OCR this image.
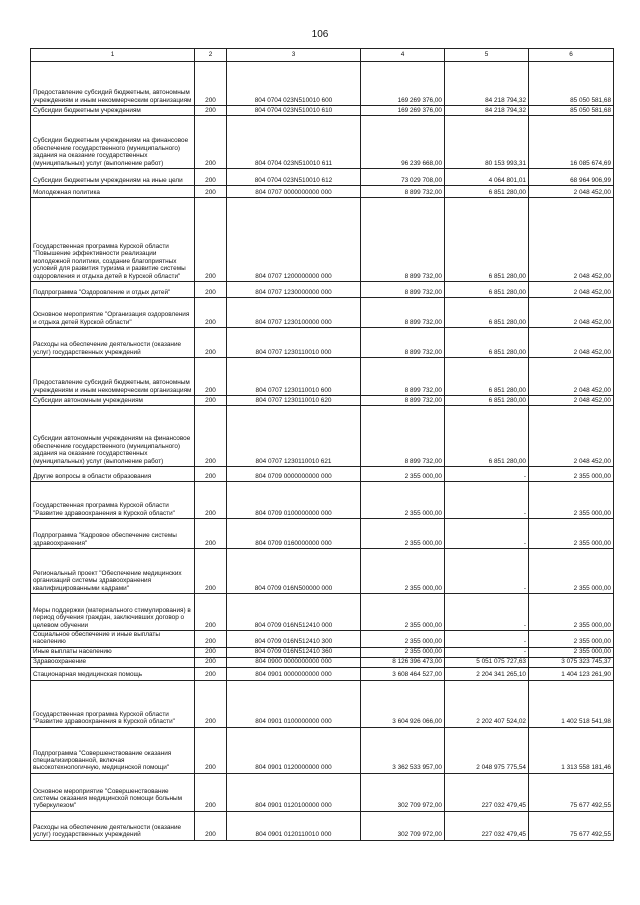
106
1	2	3	4	5	6
Предоставление субсидий бюджетным, автономным учреждениям и иным некоммерческим организациям	200	804 0704 023N510010 600	169 269 376,00	84 218 794,32	85 050 581,68
Субсидии бюджетным учреждениям	200	804 0704 023N510010 610	169 269 376,00	84 218 794,32	85 050 581,68
Субсидии бюджетным учреждениям на финансовое обеспечение государственного (муниципального) задания на оказание государственных (муниципальных) услуг (выполнение работ)	200	804 0704 023N510010 611	96 239 668,00	80 153 993,31	16 085 674,69
Субсидии бюджетным учреждениям на иные цели	200	804 0704 023N510010 612	73 029 708,00	4 064 801,01	68 964 906,99
Молодежная политика	200	804 0707 0000000000 000	8 899 732,00	6 851 280,00	2 048 452,00
Государственная программа Курской области "Повышение эффективности реализации молодежной политики, создание благоприятных условий для развития туризма и развитие системы оздоровления и отдыха детей в Курской области"	200	804 0707 1200000000 000	8 899 732,00	6 851 280,00	2 048 452,00
Подпрограмма "Оздоровление и отдых детей"	200	804 0707 1230000000 000	8 899 732,00	6 851 280,00	2 048 452,00
Основное мероприятие "Организация оздоровления и отдыха детей Курской области"	200	804 0707 1230100000 000	8 899 732,00	6 851 280,00	2 048 452,00
Расходы на обеспечение деятельности (оказание услуг) государственных учреждений	200	804 0707 1230110010 000	8 899 732,00	6 851 280,00	2 048 452,00
Предоставление субсидий бюджетным, автономным учреждениям и иным некоммерческим организациям	200	804 0707 1230110010 600	8 899 732,00	6 851 280,00	2 048 452,00
Субсидии автономным учреждениям	200	804 0707 1230110010 620	8 899 732,00	6 851 280,00	2 048 452,00
Субсидии автономным учреждениям на финансовое обеспечение государственного (муниципального) задания на оказание государственных (муниципальных) услуг (выполнение работ)	200	804 0707 1230110010 621	8 899 732,00	6 851 280,00	2 048 452,00
Другие вопросы в области образования	200	804 0709 0000000000 000	2 355 000,00	-	2 355 000,00
Государственная программа Курской области "Развитие здравоохранения в Курской области"	200	804 0709 0100000000 000	2 355 000,00	-	2 355 000,00
Подпрограмма "Кадровое обеспечение системы здравоохранения"	200	804 0709 0160000000 000	2 355 000,00	-	2 355 000,00
Региональный проект "Обеспечение медицинских организаций системы здравоохранения квалифицированными кадрами"	200	804 0709 016N500000 000	2 355 000,00	-	2 355 000,00
Меры поддержки (материального стимулирования) в период обучения граждан, заключивших договор о целевом обучении	200	804 0709 016N512410 000	2 355 000,00	-	2 355 000,00
Социальное обеспечение и иные выплаты населению	200	804 0709 016N512410 300	2 355 000,00	-	2 355 000,00
Иные выплаты населению	200	804 0709 016N512410 360	2 355 000,00	-	2 355 000,00
Здравоохранение	200	804 0900 0000000000 000	8 126 396 473,00	5 051 075 727,63	3 075 323 745,37
Стационарная медицинская помощь	200	804 0901 0000000000 000	3 608 464 527,00	2 204 341 265,10	1 404 123 261,90
Государственная программа Курской области "Развитие здравоохранения в Курской области"	200	804 0901 0100000000 000	3 604 926 066,00	2 202 407 524,02	1 402 518 541,98
Подпрограмма "Совершенствование оказания специализированной, включая высокотехнологичную, медицинской помощи"	200	804 0901 0120000000 000	3 362 533 957,00	2 048 975 775,54	1 313 558 181,46
Основное мероприятие "Совершенствование системы оказания медицинской помощи больным туберкулезом"	200	804 0901 0120100000 000	302 709 972,00	227 032 479,45	75 677 492,55
Расходы на обеспечение деятельности (оказание услуг) государственных учреждений	200	804 0901 0120110010 000	302 709 972,00	227 032 479,45	75 677 492,55
